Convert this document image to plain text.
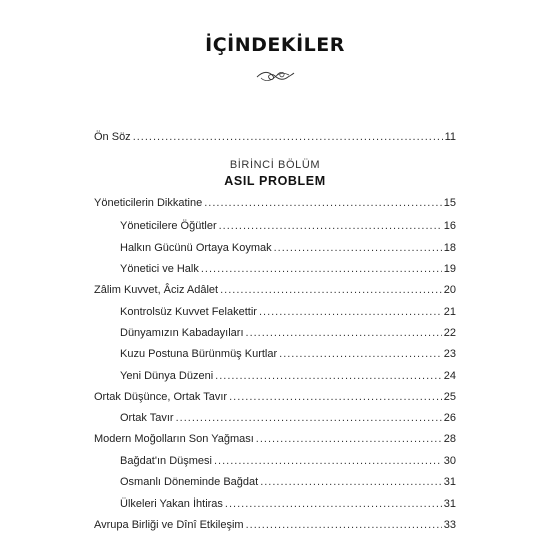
İÇİNDEKİLER
Ön Söz .....	11
BİRİNCİ BÖLÜM
ASIL PROBLEM
Yöneticilerin Dikkatine .....	15
Yöneticilere Öğütler .....	16
Halkın Gücünü Ortaya Koymak .....	18
Yönetici ve Halk .....	19
Zâlim Kuvvet, Âciz Adâlet .....	20
Kontrolsüz Kuvvet Felakettir .....	21
Dünyamızın Kabadayıları .....	22
Kuzu Postuna Bürünmüş Kurtlar .....	23
Yeni Dünya Düzeni .....	24
Ortak Düşünce, Ortak Tavır .....	25
Ortak Tavır .....	26
Modern Moğolların Son Yağması .....	28
Bağdat'ın Düşmesi .....	30
Osmanlı Döneminde Bağdat .....	31
Ülkeleri Yakan İhtiras .....	31
Avrupa Birliği ve Dînî Etkileşim .....	33
